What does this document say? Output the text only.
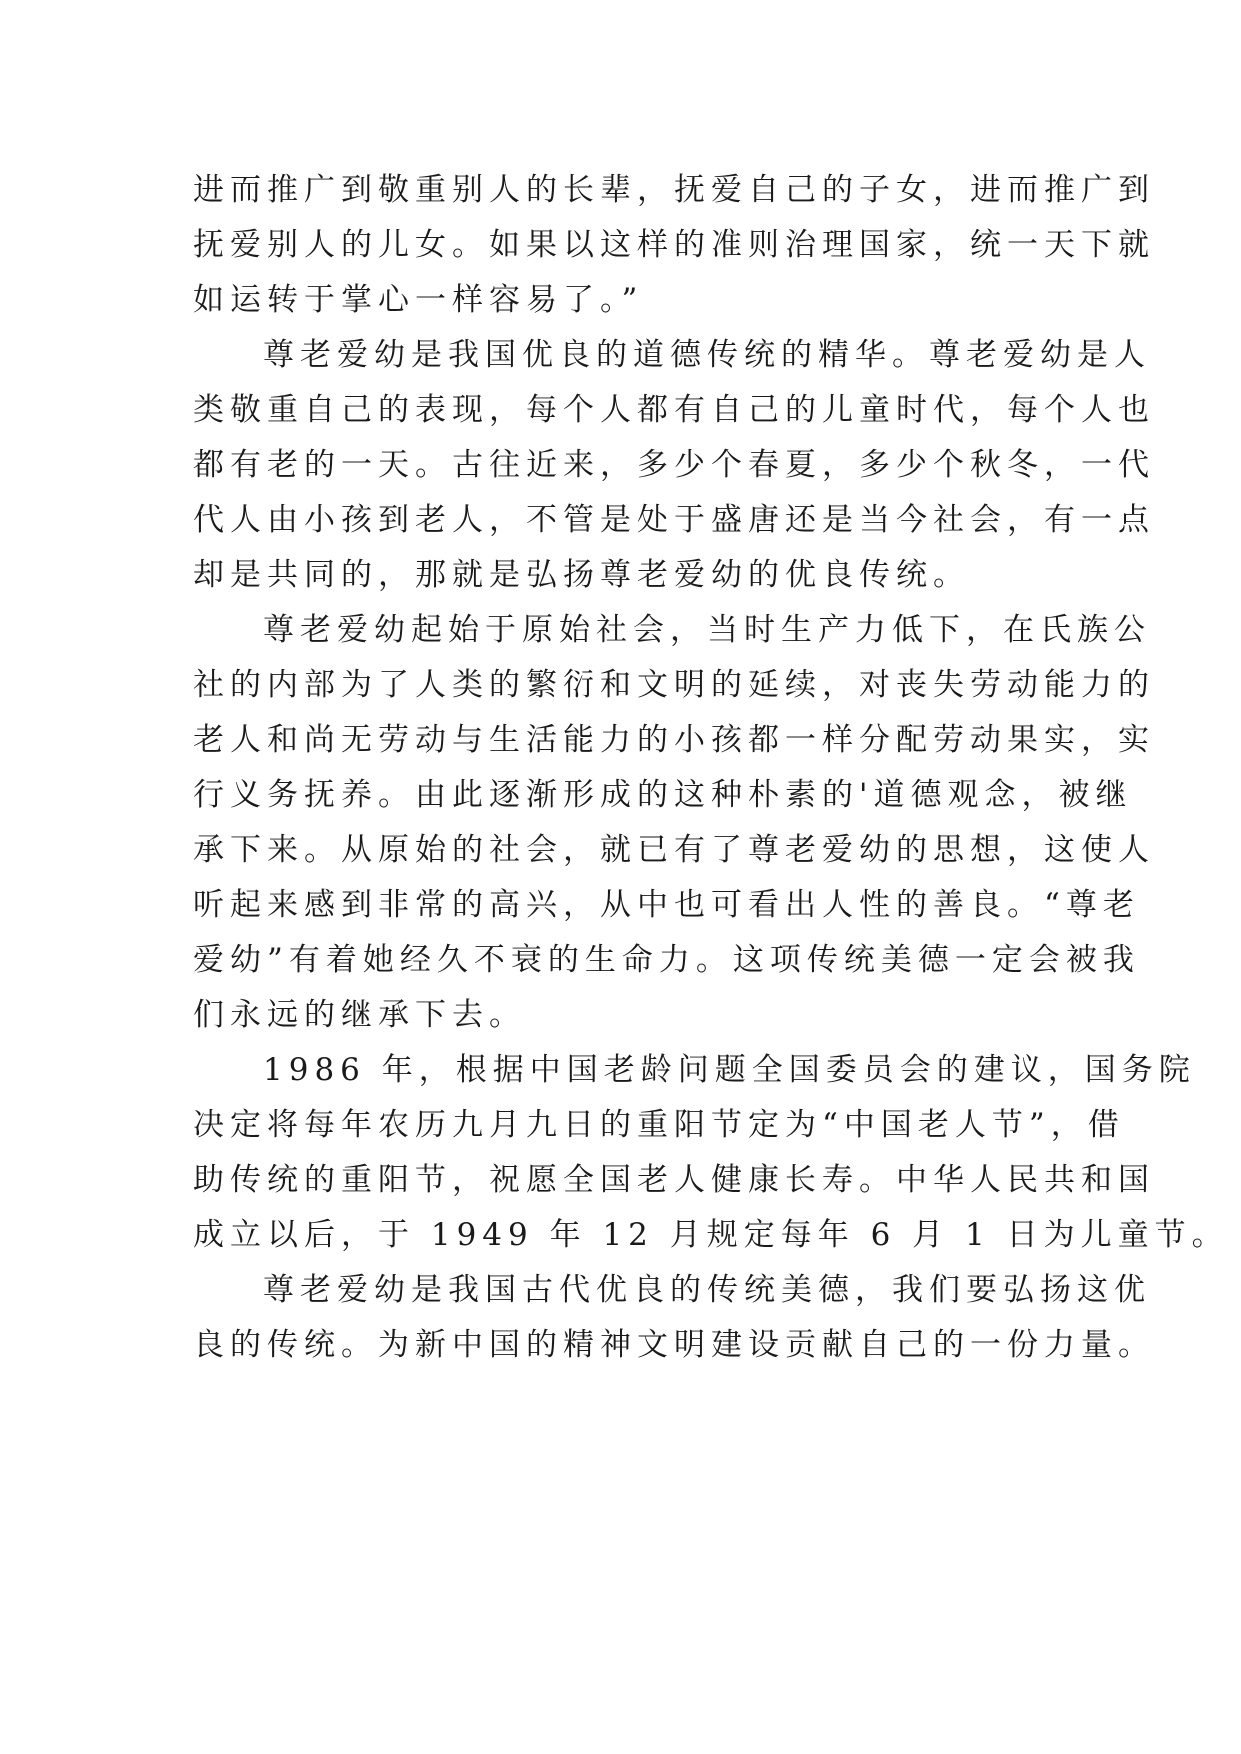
进而推广到敬重别人的长辈，抚爱自己的子女，进而推广到
抚爱别人的儿女。如果以这样的准则治理国家，统一天下就
如运转于掌心一样容易了。”
尊老爱幼是我国优良的道德传统的精华。尊老爱幼是人
类敬重自己的表现，每个人都有自己的儿童时代，每个人也
都有老的一天。古往近来，多少个春夏，多少个秋冬，一代
代人由小孩到老人，不管是处于盛唐还是当今社会，有一点
却是共同的，那就是弘扬尊老爱幼的优良传统。
尊老爱幼起始于原始社会，当时生产力低下，在氏族公
社的内部为了人类的繁衍和文明的延续，对丧失劳动能力的
老人和尚无劳动与生活能力的小孩都一样分配劳动果实，实
行义务抚养。由此逐渐形成的这种朴素的'道德观念，被继
承下来。从原始的社会，就已有了尊老爱幼的思想，这使人
听起来感到非常的高兴，从中也可看出人性的善良。“尊老
爱幼”有着她经久不衰的生命力。这项传统美德一定会被我
们永远的继承下去。
1986 年，根据中国老龄问题全国委员会的建议，国务院
决定将每年农历九月九日的重阳节定为“中国老人节”，借
助传统的重阳节，祝愿全国老人健康长寿。中华人民共和国
成立以后，于 1949 年 12 月规定每年 6 月 1 日为儿童节。
尊老爱幼是我国古代优良的传统美德，我们要弘扬这优
良的传统。为新中国的精神文明建设贡献自己的一份力量。
